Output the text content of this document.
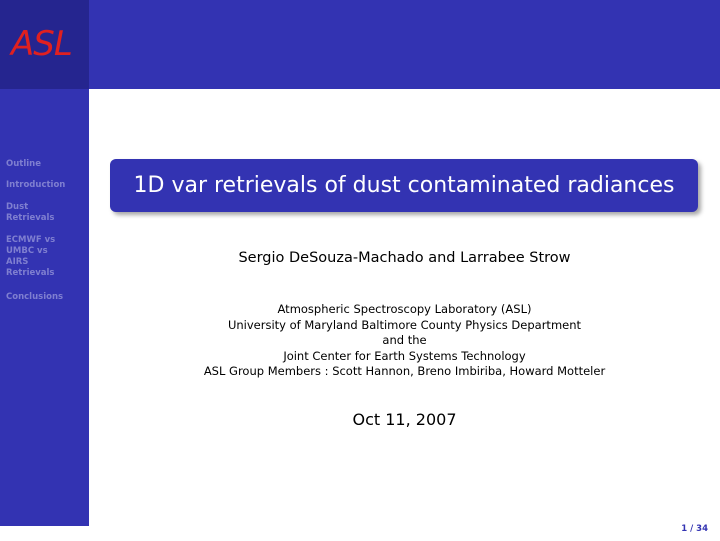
ASL
Outline
Introduction
Dust Retrievals
ECMWF vs UMBC vs AIRS Retrievals
Conclusions
1D var retrievals of dust contaminated radiances
Sergio DeSouza-Machado and Larrabee Strow
Atmospheric Spectroscopy Laboratory (ASL)
University of Maryland Baltimore County Physics Department
and the
Joint Center for Earth Systems Technology
ASL Group Members : Scott Hannon, Breno Imbiriba, Howard Motteler
Oct 11, 2007
1 / 34
